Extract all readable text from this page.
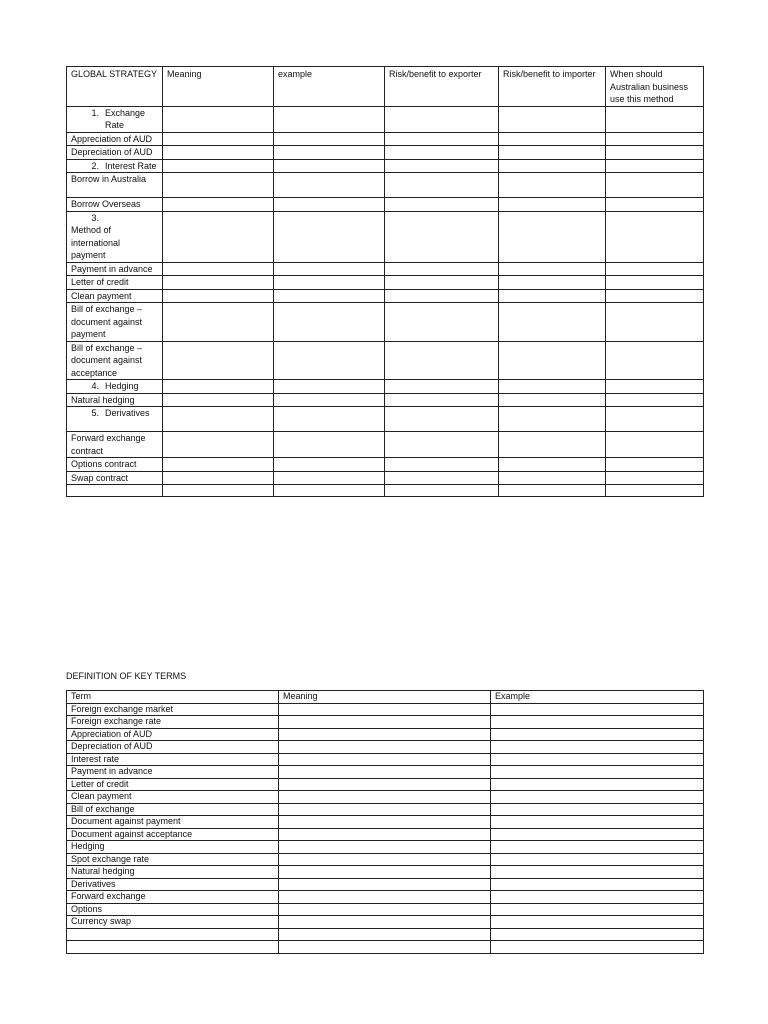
GLOBAL STRATEGY	Meaning	example	Risk/benefit to exporter	Risk/benefit to importer	When should Australian business use this method
1. Exchange Rate					
Appreciation of AUD					
Depreciation of AUD					
2. Interest Rate					
Borrow in Australia					
Borrow Overseas					
3.Method of international payment					
Payment in advance					
Letter of credit					
Clean payment					
Bill of exchange – document against payment					
Bill of exchange – document against acceptance					
4. Hedging					
Natural hedging					
5. Derivatives					
Forward exchange contract					
Options contract					
Swap contract					

DEFINITION OF KEY TERMS
Term	Meaning	Example
Foreign exchange market		
Foreign exchange rate		
Appreciation of AUD		
Depreciation of AUD		
Interest rate		
Payment in advance		
Letter of credit		
Clean payment		
Bill of exchange		
Document against payment		
Document against acceptance		
Hedging		
Spot exchange rate		
Natural hedging		
Derivatives		
Forward exchange		
Options		
Currency swap		
